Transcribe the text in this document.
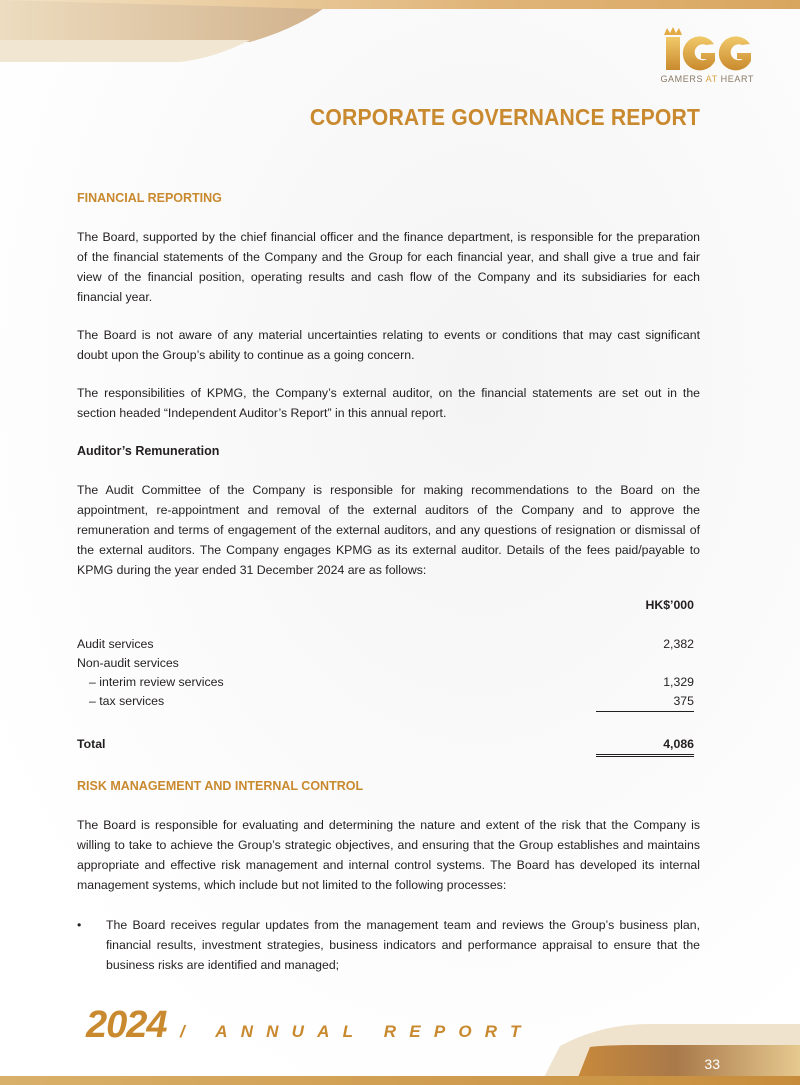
GAMERS AT HEART
CORPORATE GOVERNANCE REPORT
FINANCIAL REPORTING

The Board, supported by the chief financial officer and the finance department, is responsible for the preparation of the financial statements of the Company and the Group for each financial year, and shall give a true and fair view of the financial position, operating results and cash flow of the Company and its subsidiaries for each financial year.

The Board is not aware of any material uncertainties relating to events or conditions that may cast significant doubt upon the Group’s ability to continue as a going concern.

The responsibilities of KPMG, the Company’s external auditor, on the financial statements are set out in the section headed “Independent Auditor’s Report” in this annual report.

Auditor’s Remuneration

The Audit Committee of the Company is responsible for making recommendations to the Board on the appointment, re-appointment and removal of the external auditors of the Company and to approve the remuneration and terms of engagement of the external auditors, and any questions of resignation or dismissal of the external auditors. The Company engages KPMG as its external auditor. Details of the fees paid/payable to KPMG during the year ended 31 December 2024 are as follows:

	HK$’000

Audit services	2,382
Non-audit services	
– interim review services	1,329
– tax services	375

Total	4,086
RISK MANAGEMENT AND INTERNAL CONTROL

The Board is responsible for evaluating and determining the nature and extent of the risk that the Company is willing to take to achieve the Group’s strategic objectives, and ensuring that the Group establishes and maintains appropriate and effective risk management and internal control systems. The Board has developed its internal management systems, which include but not limited to the following processes:

• The Board receives regular updates from the management team and reviews the Group’s business plan, financial results, investment strategies, business indicators and performance appraisal to ensure that the business risks are identified and managed;
2024 / ANNUAL REPORT
33
